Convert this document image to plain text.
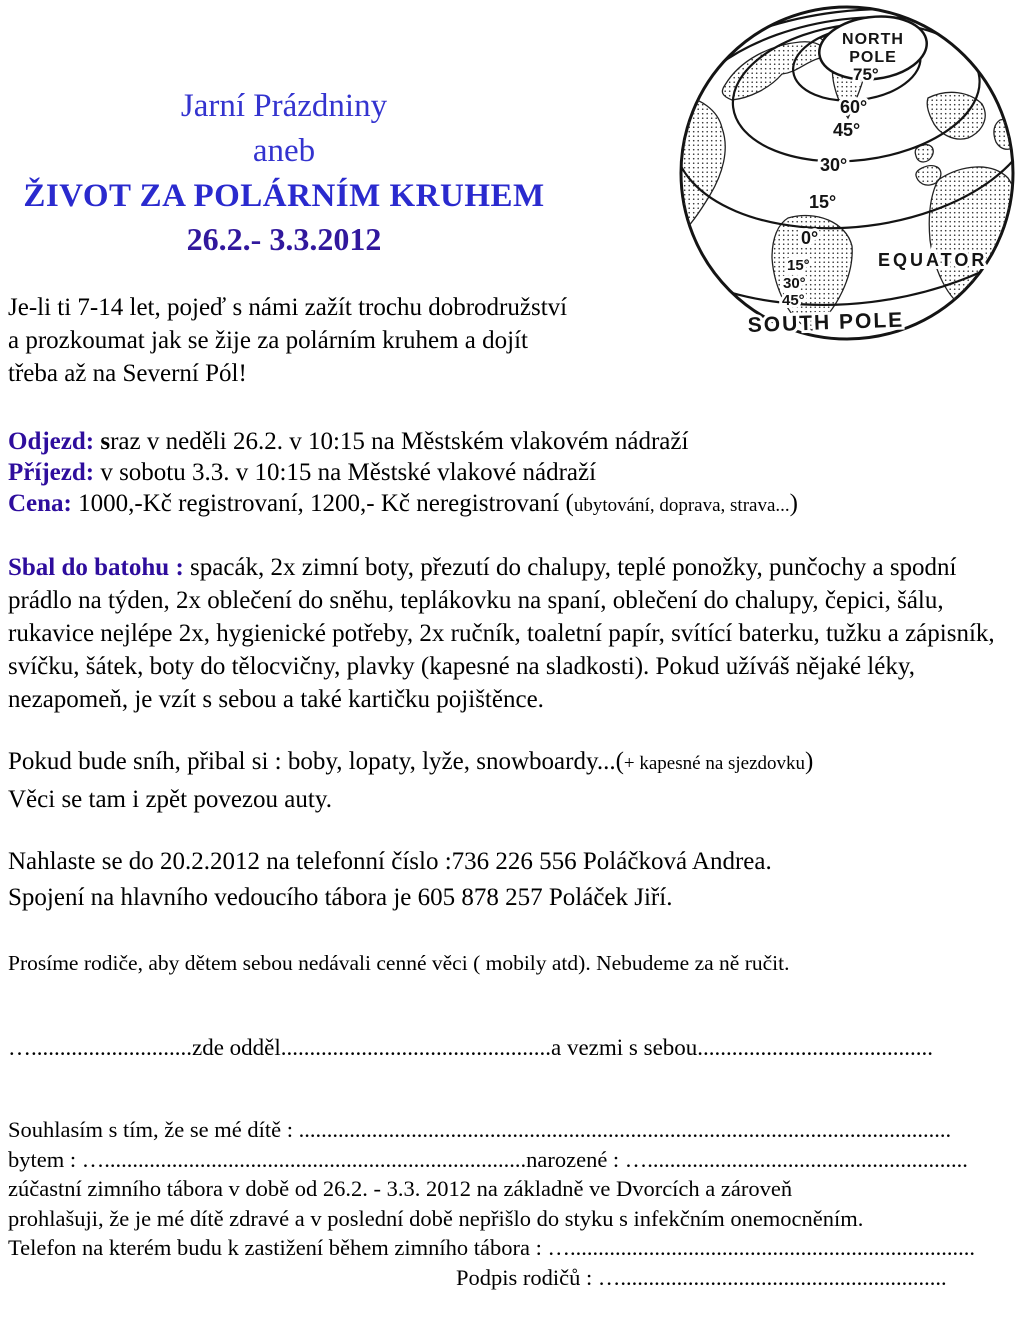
NORTH
POLE
75°
60°
45°
30°
15°
0°
EQUATOR
15°
30°
45°
SOUTH POLE
Jarní Prázdniny
aneb
ŽIVOT ZA POLÁRNÍM KRUHEM
26.2.- 3.3.2012
Je-li ti 7-14 let, pojeď s námi zažít trochu dobrodružství
a prozkoumat jak se žije za polárním kruhem a dojít
třeba až na Severní Pól!
Odjezd: sraz v neděli 26.2. v 10:15 na Městském vlakovém nádraží
Příjezd: v sobotu 3.3. v 10:15 na Městské vlakové nádraží
Cena: 1000,-Kč registrovaní, 1200,- Kč neregistrovaní (ubytování, doprava, strava...)
Sbal do batohu : spacák, 2x zimní boty, přezutí do chalupy, teplé ponožky, punčochy a spodní prádlo na týden, 2x oblečení do sněhu, teplákovku na spaní, oblečení do chalupy, čepici, šálu, rukavice nejlépe 2x, hygienické potřeby, 2x ručník, toaletní papír, svítící baterku, tužku a zápisník, svíčku, šátek, boty do tělocvičny, plavky (kapesné na sladkosti). Pokud užíváš nějaké léky, nezapomeň, je vzít s sebou a také kartičku pojištěnce.
Pokud bude sníh, přibal si : boby, lopaty, lyže, snowboardy...(+ kapesné na sjezdovku)
Věci se tam i zpět povezou auty.
Nahlaste se do 20.2.2012 na telefonní číslo :736 226 556 Poláčková Andrea.
Spojení na hlavního vedoucího tábora je 605 878 257 Poláček Jiří.
Prosíme rodiče, aby dětem sebou nedávali cenné věci ( mobily atd). Nebudeme za ně ručit.
…............................zde odděl...............................................a vezmi s sebou.........................................
Souhlasím s tím, že se mé dítě : ....................................................................................................................
bytem : …...........................................................................narozené : ….........................................................
zúčastní zimního tábora v době od 26.2. - 3.3. 2012 na základně ve Dvorcích a zároveň
prohlašuji, že je mé dítě zdravé a v poslední době nepřišlo do styku s infekčním onemocněním.
Telefon na kterém budu k zastižení během zimního tábora : …........................................................................
Podpis rodičů : …..........................................................
